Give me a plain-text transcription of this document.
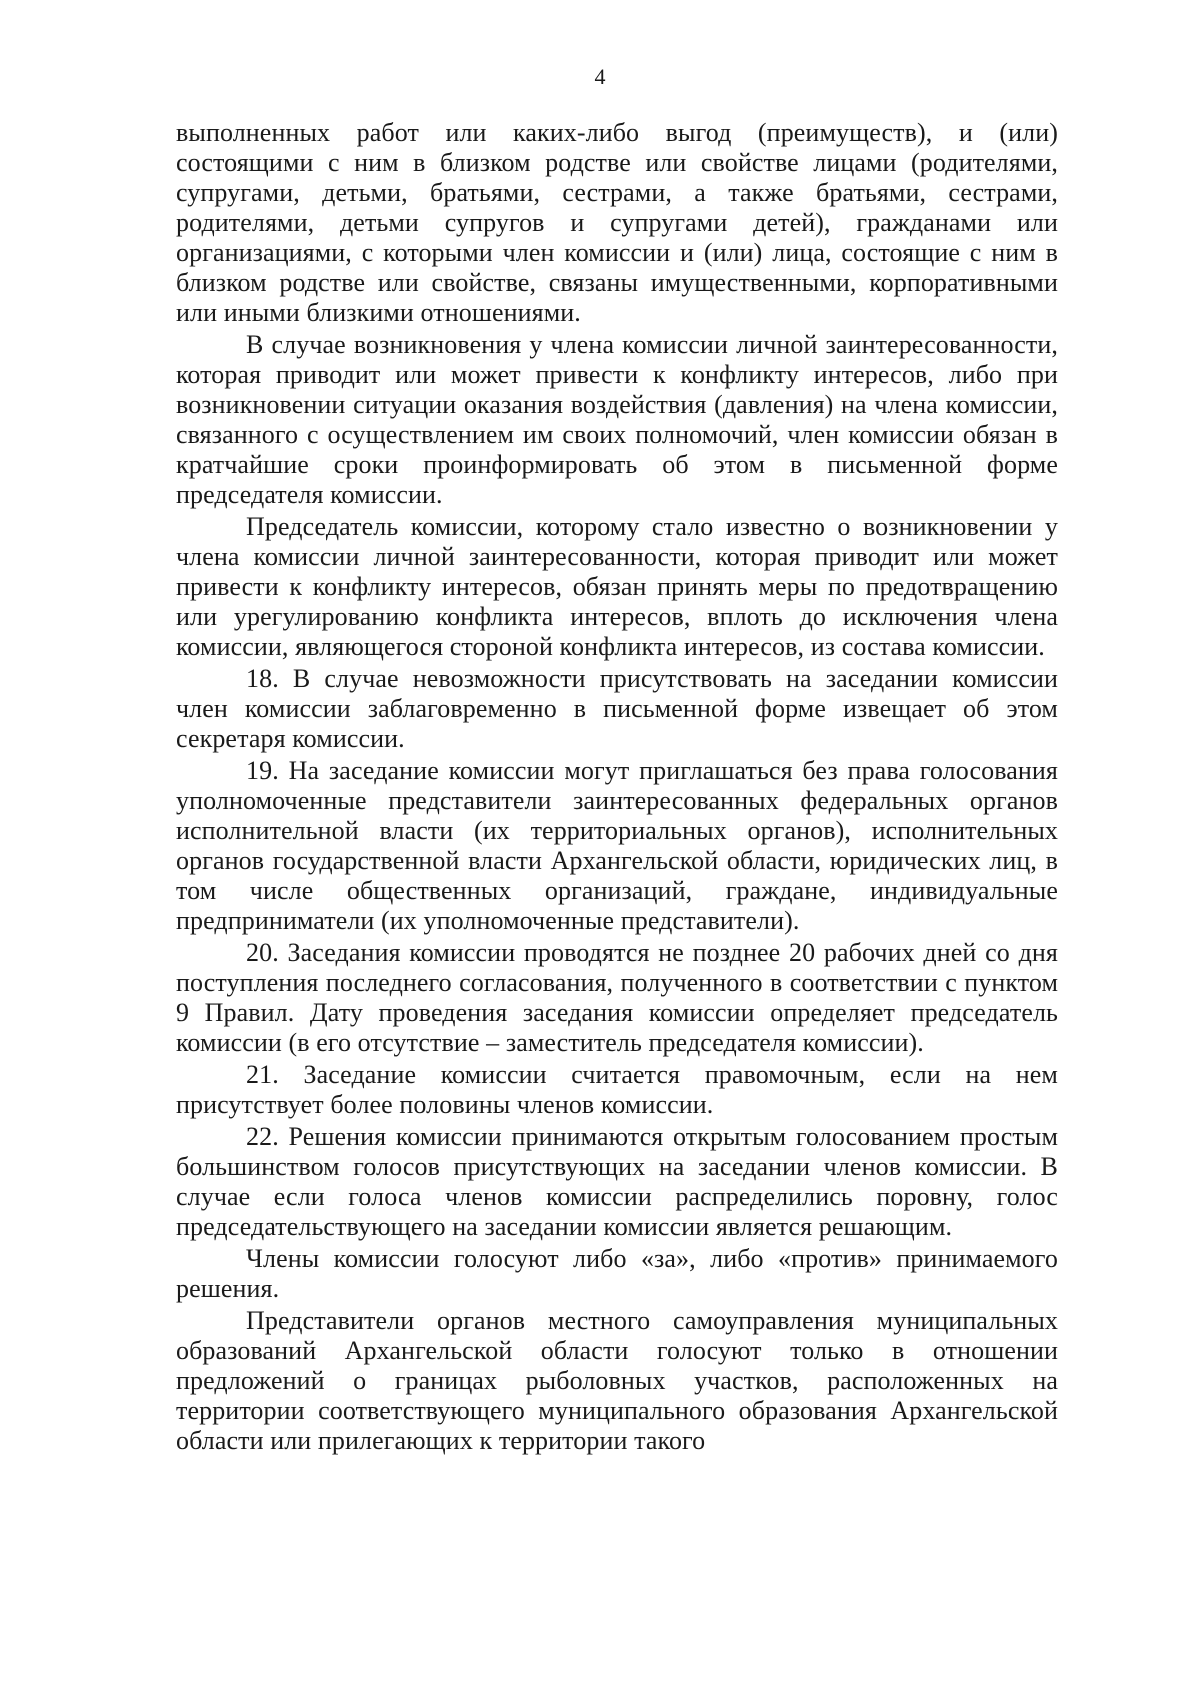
4

выполненных работ или каких-либо выгод (преимуществ), и (или) состоящими с ним в близком родстве или свойстве лицами (родителями, супругами, детьми, братьями, сестрами, а также братьями, сестрами, родителями, детьми супругов и супругами детей), гражданами или организациями, с которыми член комиссии и (или) лица, состоящие с ним в близком родстве или свойстве, связаны имущественными, корпоративными или иными близкими отношениями.

В случае возникновения у члена комиссии личной заинтересованности, которая приводит или может привести к конфликту интересов, либо при возникновении ситуации оказания воздействия (давления) на члена комиссии, связанного с осуществлением им своих полномочий, член комиссии обязан в кратчайшие сроки проинформировать об этом в письменной форме председателя комиссии.

Председатель комиссии, которому стало известно о возникновении у члена комиссии личной заинтересованности, которая приводит или может привести к конфликту интересов, обязан принять меры по предотвращению или урегулированию конфликта интересов, вплоть до исключения члена комиссии, являющегося стороной конфликта интересов, из состава комиссии.

18. В случае невозможности присутствовать на заседании комиссии член комиссии заблаговременно в письменной форме извещает об этом секретаря комиссии.

19. На заседание комиссии могут приглашаться без права голосования уполномоченные представители заинтересованных федеральных органов исполнительной власти (их территориальных органов), исполнительных органов государственной власти Архангельской области, юридических лиц, в том числе общественных организаций, граждане, индивидуальные предприниматели (их уполномоченные представители).

20. Заседания комиссии проводятся не позднее 20 рабочих дней со дня поступления последнего согласования, полученного в соответствии с пунктом 9 Правил. Дату проведения заседания комиссии определяет председатель комиссии (в его отсутствие – заместитель председателя комиссии).

21. Заседание комиссии считается правомочным, если на нем присутствует более половины членов комиссии.

22. Решения комиссии принимаются открытым голосованием простым большинством голосов присутствующих на заседании членов комиссии. В случае если голоса членов комиссии распределились поровну, голос председательствующего на заседании комиссии является решающим.

Члены комиссии голосуют либо «за», либо «против» принимаемого решения.

Представители органов местного самоуправления муниципальных образований Архангельской области голосуют только в отношении предложений о границах рыболовных участков, расположенных на территории соответствующего муниципального образования Архангельской области или прилегающих к территории такого
